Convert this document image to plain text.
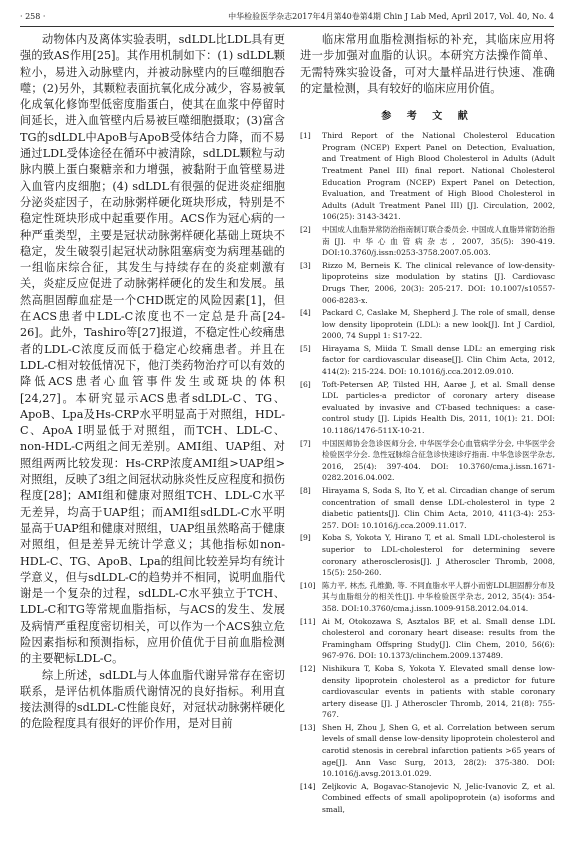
· 258 ·	中华检验医学杂志2017年4月第40卷第4期 Chin J Lab Med, April 2017, Vol. 40, No. 4

动物体内及离体实验表明，sdLDL比LDL具有更强的致AS作用[25]。其作用机制如下：(1) sdLDL颗粒小，易进入动脉壁内，并被动脉壁内的巨噬细胞吞噬；(2)另外，其颗粒表面抗氧化成分减少，容易被氧化成氧化修饰型低密度脂蛋白，使其在血浆中停留时间延长，进入血管壁内后易被巨噬细胞摄取；(3)富含TG的sdLDL中ApoB与ApoB受体结合力降，而不易通过LDL受体途径在循环中被清除，sdLDL颗粒与动脉内膜上蛋白聚糖亲和力增强，被黏附于血管壁易进入血管内皮细胞；(4) sdLDL有很强的促进炎症细胞分泌炎症因子，在动脉粥样硬化斑块形成，特别是不稳定性斑块形成中起重要作用。ACS作为冠心病的一种严重类型，主要是冠状动脉粥样硬化基础上斑块不稳定，发生破裂引起冠状动脉阻塞病变为病理基础的一组临床综合征，其发生与持续存在的炎症刺激有关，炎症反应促进了动脉粥样硬化的发生和发展。虽然高胆固醇血症是一个CHD既定的风险因素[1]，但在ACS患者中LDL-C浓度也不一定总是升高[24-26]。此外，Tashiro等[27]报道，不稳定性心绞痛患者的LDL-C浓度反而低于稳定心绞痛患者。并且在LDL-C相对较低情况下，他汀类药物治疗可以有效的降低ACS患者心血管事件发生或斑块的体积[24,27]。本研究显示ACS患者sdLDL-C、TG、ApoB、Lpa及Hs-CRP水平明显高于对照组，HDL-C、ApoA I明显低于对照组，而TCH、LDL-C、non-HDL-C两组之间无差别。AMI组、UAP组、对照组两两比较发现：Hs-CRP浓度AMI组>UAP组>对照组，反映了3组之间冠状动脉炎性反应程度和损伤程度[28]；AMI组和健康对照组TCH、LDL-C水平无差异，均高于UAP组；而AMI组sdLDL-C水平明显高于UAP组和健康对照组，UAP组虽然略高于健康对照组，但是差异无统计学意义；其他指标如non-HDL-C、TG、ApoB、Lpa的组间比较差异均有统计学意义，但与sdLDL-C的趋势并不相同，说明血脂代谢是一个复杂的过程，sdLDL-C水平独立于TCH、LDL-C和TG等常规血脂指标，与ACS的发生、发展及病情严重程度密切相关，可以作为一个ACS独立危险因素指标和预测指标，应用价值优于目前血脂检测的主要靶标LDL-C。

综上所述，sdLDL与人体血脂代谢异常存在密切联系，是评估机体脂质代谢情况的良好指标。利用直接法测得的sdLDL-C性能良好，对冠状动脉粥样硬化的危险程度具有很好的评价作用，是对目前

临床常用血脂检测指标的补充，其临床应用将进一步加强对血脂的认识。本研究方法操作简单、无需特殊实验设备，可对大量样品进行快速、准确的定量检测，具有较好的临床应用价值。

参 考 文 献
[1] Third Report of the National Cholesterol Education Program (NCEP) Expert Panel on Detection, Evaluation, and Treatment of High Blood Cholesterol in Adults (Adult Treatment Panel III) final report. National Cholesterol Education Program (NCEP) Expert Panel on Detection, Evaluation, and Treatment of High Blood Cholesterol in Adults (Adult Treatment Panel III) [J]. Circulation, 2002, 106(25): 3143-3421.
[2] 中国成人血脂异常防治指南制订联合委员会. 中国成人血脂异常防治指南[J]. 中华心血管病杂志, 2007, 35(5): 390-419. DOI:10.3760/j.issn:0253-3758.2007.05.003.
[3] Rizzo M, Berneis K. The clinical relevance of low-density-lipoproteins size modulation by statins [J]. Cardiovasc Drugs Ther, 2006, 20(3): 205-217. DOI: 10.1007/s10557-006-8283-x.
[4] Packard C, Caslake M, Shepherd J. The role of small, dense low density lipoprotein (LDL): a new look[J]. Int J Cardiol, 2000, 74 Suppl 1: S17-22.
[5] Hirayama S, Miida T. Small dense LDL: an emerging risk factor for cardiovascular disease[J]. Clin Chim Acta, 2012, 414(2): 215-224. DOI: 10.1016/j.cca.2012.09.010.
[6] Toft-Petersen AP, Tilsted HH, Aarøe J, et al. Small dense LDL particles-a predictor of coronary artery disease evaluated by invasive and CT-based techniques: a case-control study [J]. Lipids Health Dis, 2011, 10(1): 21. DOI: 10.1186/1476-511X-10-21.
[7] 中国医师协会急诊医师分会, 中华医学会心血管病学分会, 中华医学会检验医学分会. 急性冠脉综合征急诊快速诊疗指南. 中华急诊医学杂志, 2016, 25(4): 397-404. DOI: 10.3760/cma.j.issn.1671-0282.2016.04.002.
[8] Hirayama S, Soda S, Ito Y, et al. Circadian change of serum concentration of small dense LDL-cholesterol in type 2 diabetic patients[J]. Clin Chim Acta, 2010, 411(3-4): 253-257. DOI: 10.1016/j.cca.2009.11.017.
[9] Koba S, Yokota Y, Hirano T, et al. Small LDL-cholesterol is superior to LDL-cholesterol for determining severe coronary atherosclerosis[J]. J Atheroscler Thromb, 2008, 15(5): 250-260.
[10] 陈力平, 林杰, 孔维勤, 等. 不同血脂水平人群小而密LDL胆固醇分布及其与血脂组分的相关性[J]. 中华检验医学杂志, 2012, 35(4): 354-358. DOI:10.3760/cma.j.issn.1009-9158.2012.04.014.
[11] Ai M, Otokozawa S, Asztalos BF, et al. Small dense LDL cholesterol and coronary heart disease: results from the Framingham Offspring Study[J]. Clin Chem, 2010, 56(6): 967-976. DOI: 10.1373/clinchem.2009.137489.
[12] Nishikura T, Koba S, Yokota Y. Elevated small dense low-density lipoprotein cholesterol as a predictor for future cardiovascular events in patients with stable coronary artery disease [J]. J Atheroscler Thromb, 2014, 21(8): 755-767.
[13] Shen H, Zhou J, Shen G, et al. Correlation between serum levels of small dense low-density lipoprotein cholesterol and carotid stenosis in cerebral infarction patients >65 years of age[J]. Ann Vasc Surg, 2013, 28(2): 375-380. DOI: 10.1016/j.avsg.2013.01.029.
[14] Zeljkovic A, Bogavac-Stanojevic N, Jelic-Ivanovic Z, et al. Combined effects of small apolipoprotein (a) isoforms and small,
